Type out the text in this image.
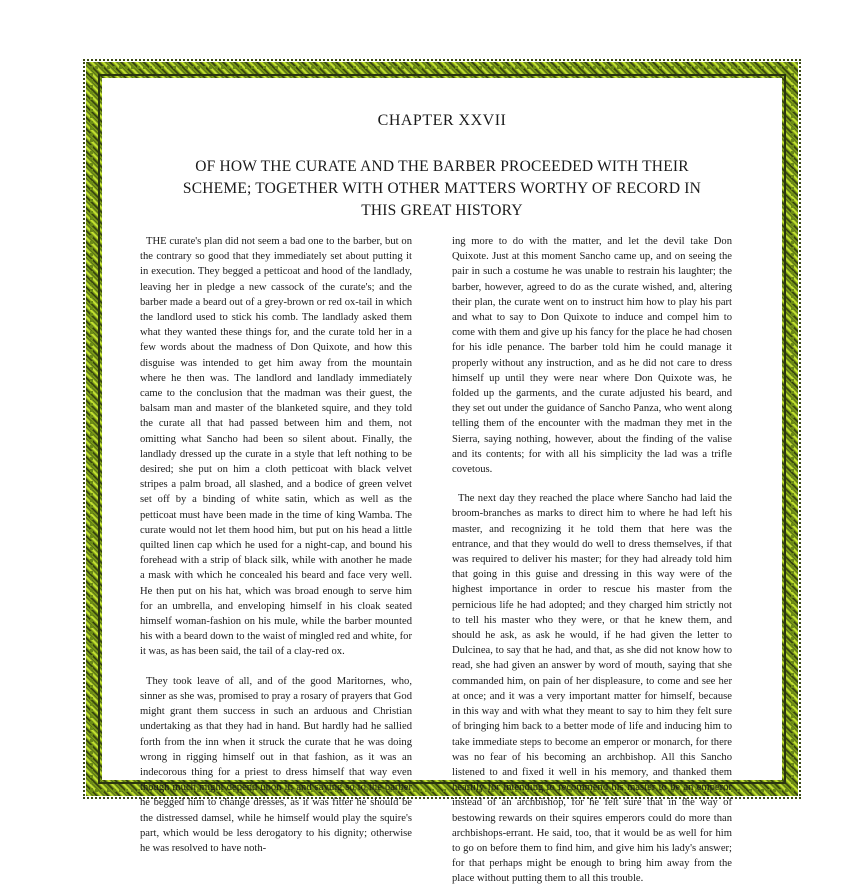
CHAPTER XXVII
OF HOW THE CURATE AND THE BARBER PROCEEDED WITH THEIR SCHEME; TOGETHER WITH OTHER MATTERS WORTHY OF RECORD IN THIS GREAT HISTORY

THE curate's plan did not seem a bad one to the barber, but on the contrary so good that they immediately set about putting it in execution. They begged a petticoat and hood of the landlady, leaving her in pledge a new cassock of the curate's; and the barber made a beard out of a grey-brown or red ox-tail in which the landlord used to stick his comb. The landlady asked them what they wanted these things for, and the curate told her in a few words about the madness of Don Quixote, and how this disguise was intended to get him away from the mountain where he then was. The landlord and landlady immediately came to the conclusion that the madman was their guest, the balsam man and master of the blanketed squire, and they told the curate all that had passed between him and them, not omitting what Sancho had been so silent about. Finally, the landlady dressed up the curate in a style that left nothing to be desired; she put on him a cloth petticoat with black velvet stripes a palm broad, all slashed, and a bodice of green velvet set off by a binding of white satin, which as well as the petticoat must have been made in the time of king Wamba. The curate would not let them hood him, but put on his head a little quilted linen cap which he used for a night-cap, and bound his forehead with a strip of black silk, while with another he made a mask with which he concealed his beard and face very well. He then put on his hat, which was broad enough to serve him for an umbrella, and enveloping himself in his cloak seated himself woman-fashion on his mule, while the barber mounted his with a beard down to the waist of mingled red and white, for it was, as has been said, the tail of a clay-red ox.

They took leave of all, and of the good Maritornes, who, sinner as she was, promised to pray a rosary of prayers that God might grant them success in such an arduous and Christian undertaking as that they had in hand. But hardly had he sallied forth from the inn when it struck the curate that he was doing wrong in rigging himself out in that fashion, as it was an indecorous thing for a priest to dress himself that way even though much might depend upon it; and saying so to the barber he begged him to change dresses, as it was fitter he should be the distressed damsel, while he himself would play the squire's part, which would be less derogatory to his dignity; otherwise he was resolved to have noth-

ing more to do with the matter, and let the devil take Don Quixote. Just at this moment Sancho came up, and on seeing the pair in such a costume he was unable to restrain his laughter; the barber, however, agreed to do as the curate wished, and, altering their plan, the curate went on to instruct him how to play his part and what to say to Don Quixote to induce and compel him to come with them and give up his fancy for the place he had chosen for his idle penance. The barber told him he could manage it properly without any instruction, and as he did not care to dress himself up until they were near where Don Quixote was, he folded up the garments, and the curate adjusted his beard, and they set out under the guidance of Sancho Panza, who went along telling them of the encounter with the madman they met in the Sierra, saying nothing, however, about the finding of the valise and its contents; for with all his simplicity the lad was a trifle covetous.

The next day they reached the place where Sancho had laid the broom-branches as marks to direct him to where he had left his master, and recognizing it he told them that here was the entrance, and that they would do well to dress themselves, if that was required to deliver his master; for they had already told him that going in this guise and dressing in this way were of the highest importance in order to rescue his master from the pernicious life he had adopted; and they charged him strictly not to tell his master who they were, or that he knew them, and should he ask, as ask he would, if he had given the letter to Dulcinea, to say that he had, and that, as she did not know how to read, she had given an answer by word of mouth, saying that she commanded him, on pain of her displeasure, to come and see her at once; and it was a very important matter for himself, because in this way and with what they meant to say to him they felt sure of bringing him back to a better mode of life and inducing him to take immediate steps to become an emperor or monarch, for there was no fear of his becoming an archbishop. All this Sancho listened to and fixed it well in his memory, and thanked them heartily for intending to recommend his master to be an emperor instead of an archbishop, for he felt sure that in the way of bestowing rewards on their squires emperors could do more than archbishops-errant. He said, too, that it would be as well for him to go on before them to find him, and give him his lady's answer; for that perhaps might be enough to bring him away from the place without putting them to all this trouble.
